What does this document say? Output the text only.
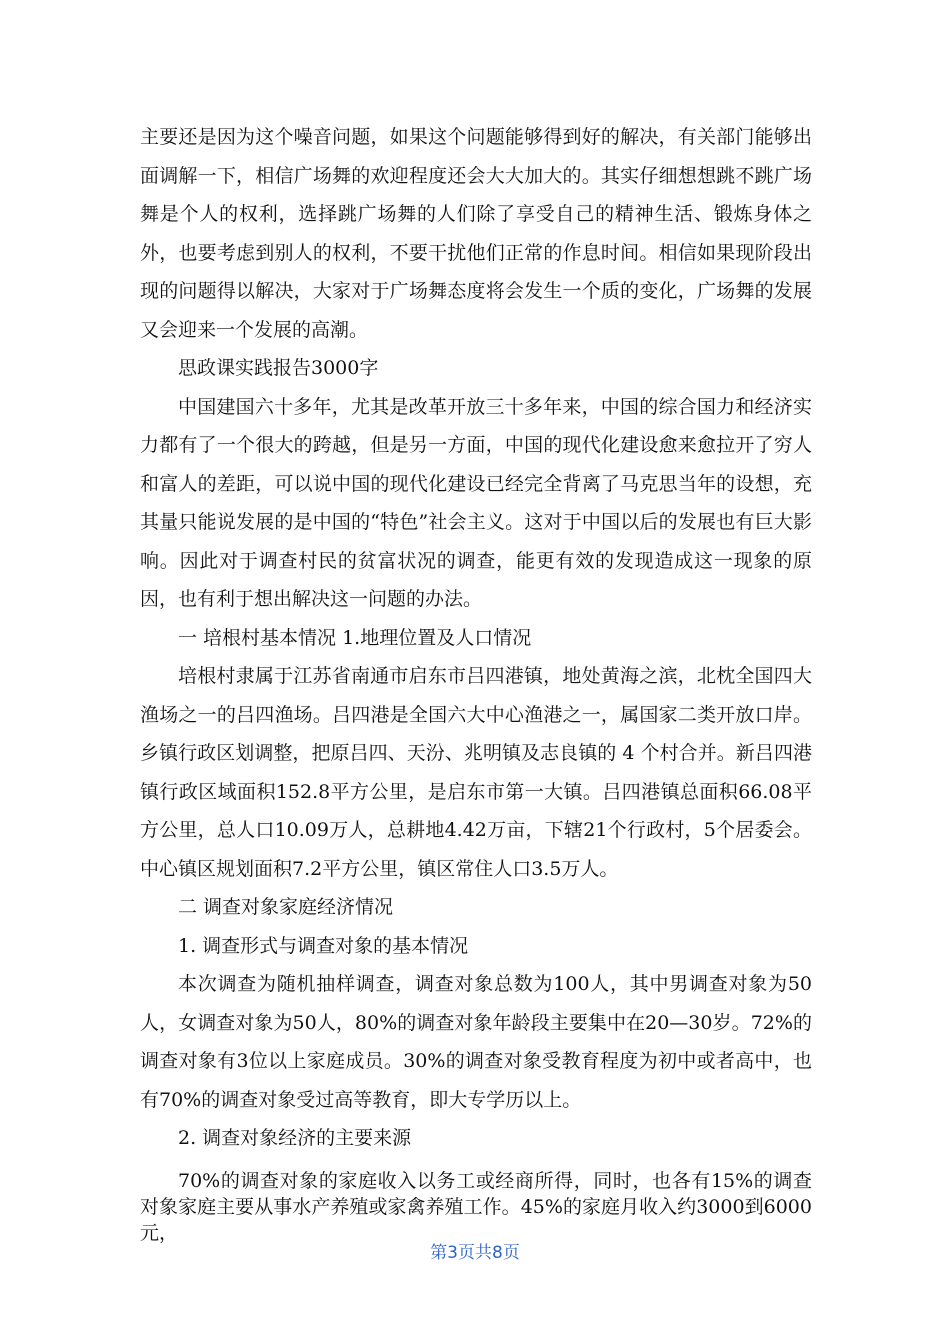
主要还是因为这个噪音问题，如果这个问题能够得到好的解决，有关部门能够出面调解一下，相信广场舞的欢迎程度还会大大加大的。其实仔细想想跳不跳广场舞是个人的权利，选择跳广场舞的人们除了享受自己的精神生活、锻炼身体之外，也要考虑到别人的权利，不要干扰他们正常的作息时间。相信如果现阶段出现的问题得以解决，大家对于广场舞态度将会发生一个质的变化，广场舞的发展又会迎来一个发展的高潮。

思政课实践报告3000字

中国建国六十多年，尤其是改革开放三十多年来，中国的综合国力和经济实力都有了一个很大的跨越，但是另一方面，中国的现代化建设愈来愈拉开了穷人和富人的差距，可以说中国的现代化建设已经完全背离了马克思当年的设想，充其量只能说发展的是中国的“特色”社会主义。这对于中国以后的发展也有巨大影响。因此对于调查村民的贫富状况的调查，能更有效的发现造成这一现象的原因，也有利于想出解决这一问题的办法。

一 培根村基本情况 1.地理位置及人口情况

培根村隶属于江苏省南通市启东市吕四港镇，地处黄海之滨，北枕全国四大渔场之一的吕四渔场。吕四港是全国六大中心渔港之一，属国家二类开放口岸。乡镇行政区划调整，把原吕四、天汾、兆明镇及志良镇的 4 个村合并。新吕四港镇行政区域面积152.8平方公里，是启东市第一大镇。吕四港镇总面积66.08平方公里，总人口10.09万人，总耕地4.42万亩，下辖21个行政村，5个居委会。中心镇区规划面积7.2平方公里，镇区常住人口3.5万人。

二 调查对象家庭经济情况

1. 调查形式与调查对象的基本情况

本次调查为随机抽样调查，调查对象总数为100人，其中男调查对象为50人，女调查对象为50人，80%的调查对象年龄段主要集中在20—30岁。72%的调查对象有3位以上家庭成员。30%的调查对象受教育程度为初中或者高中，也有70%的调查对象受过高等教育，即大专学历以上。

2. 调查对象经济的主要来源

70%的调查对象的家庭收入以务工或经商所得，同时，也各有15%的调查对象家庭主要从事水产养殖或家禽养殖工作。45%的家庭月收入约3000到6000元，

第3页共8页
